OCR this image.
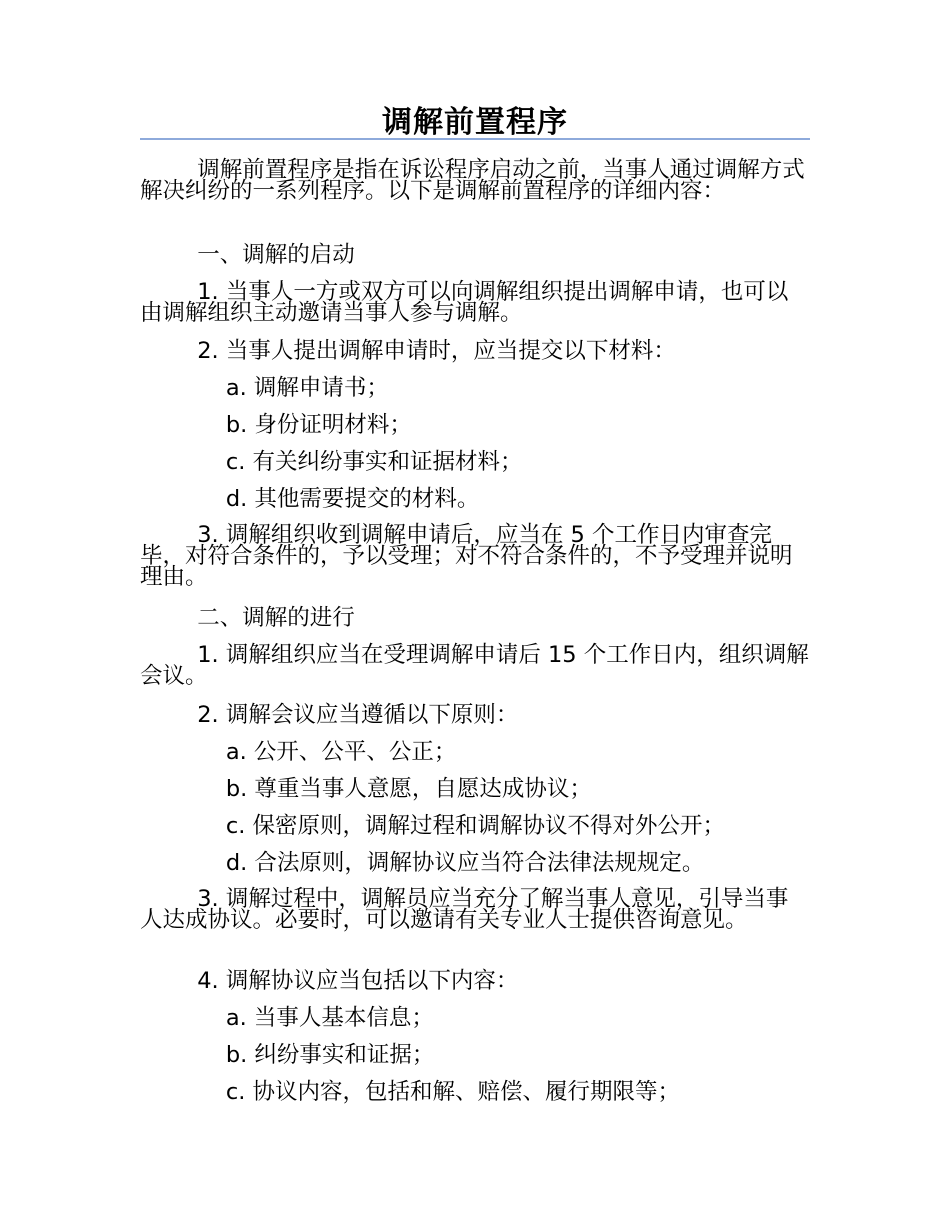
调解前置程序
调解前置程序是指在诉讼程序启动之前，当事人通过调解方式解决纠纷的一系列程序。以下是调解前置程序的详细内容：
一、调解的启动
1. 当事人一方或双方可以向调解组织提出调解申请，也可以由调解组织主动邀请当事人参与调解。
2. 当事人提出调解申请时，应当提交以下材料：
a. 调解申请书；
b. 身份证明材料；
c. 有关纠纷事实和证据材料；
d. 其他需要提交的材料。
3. 调解组织收到调解申请后，应当在 5 个工作日内审查完毕，对符合条件的，予以受理；对不符合条件的，不予受理并说明理由。
二、调解的进行
1. 调解组织应当在受理调解申请后 15 个工作日内，组织调解会议。
2. 调解会议应当遵循以下原则：
a. 公开、公平、公正；
b. 尊重当事人意愿，自愿达成协议；
c. 保密原则，调解过程和调解协议不得对外公开；
d. 合法原则，调解协议应当符合法律法规规定。
3. 调解过程中，调解员应当充分了解当事人意见，引导当事人达成协议。必要时，可以邀请有关专业人士提供咨询意见。
4. 调解协议应当包括以下内容：
a. 当事人基本信息；
b. 纠纷事实和证据；
c. 协议内容，包括和解、赔偿、履行期限等；
